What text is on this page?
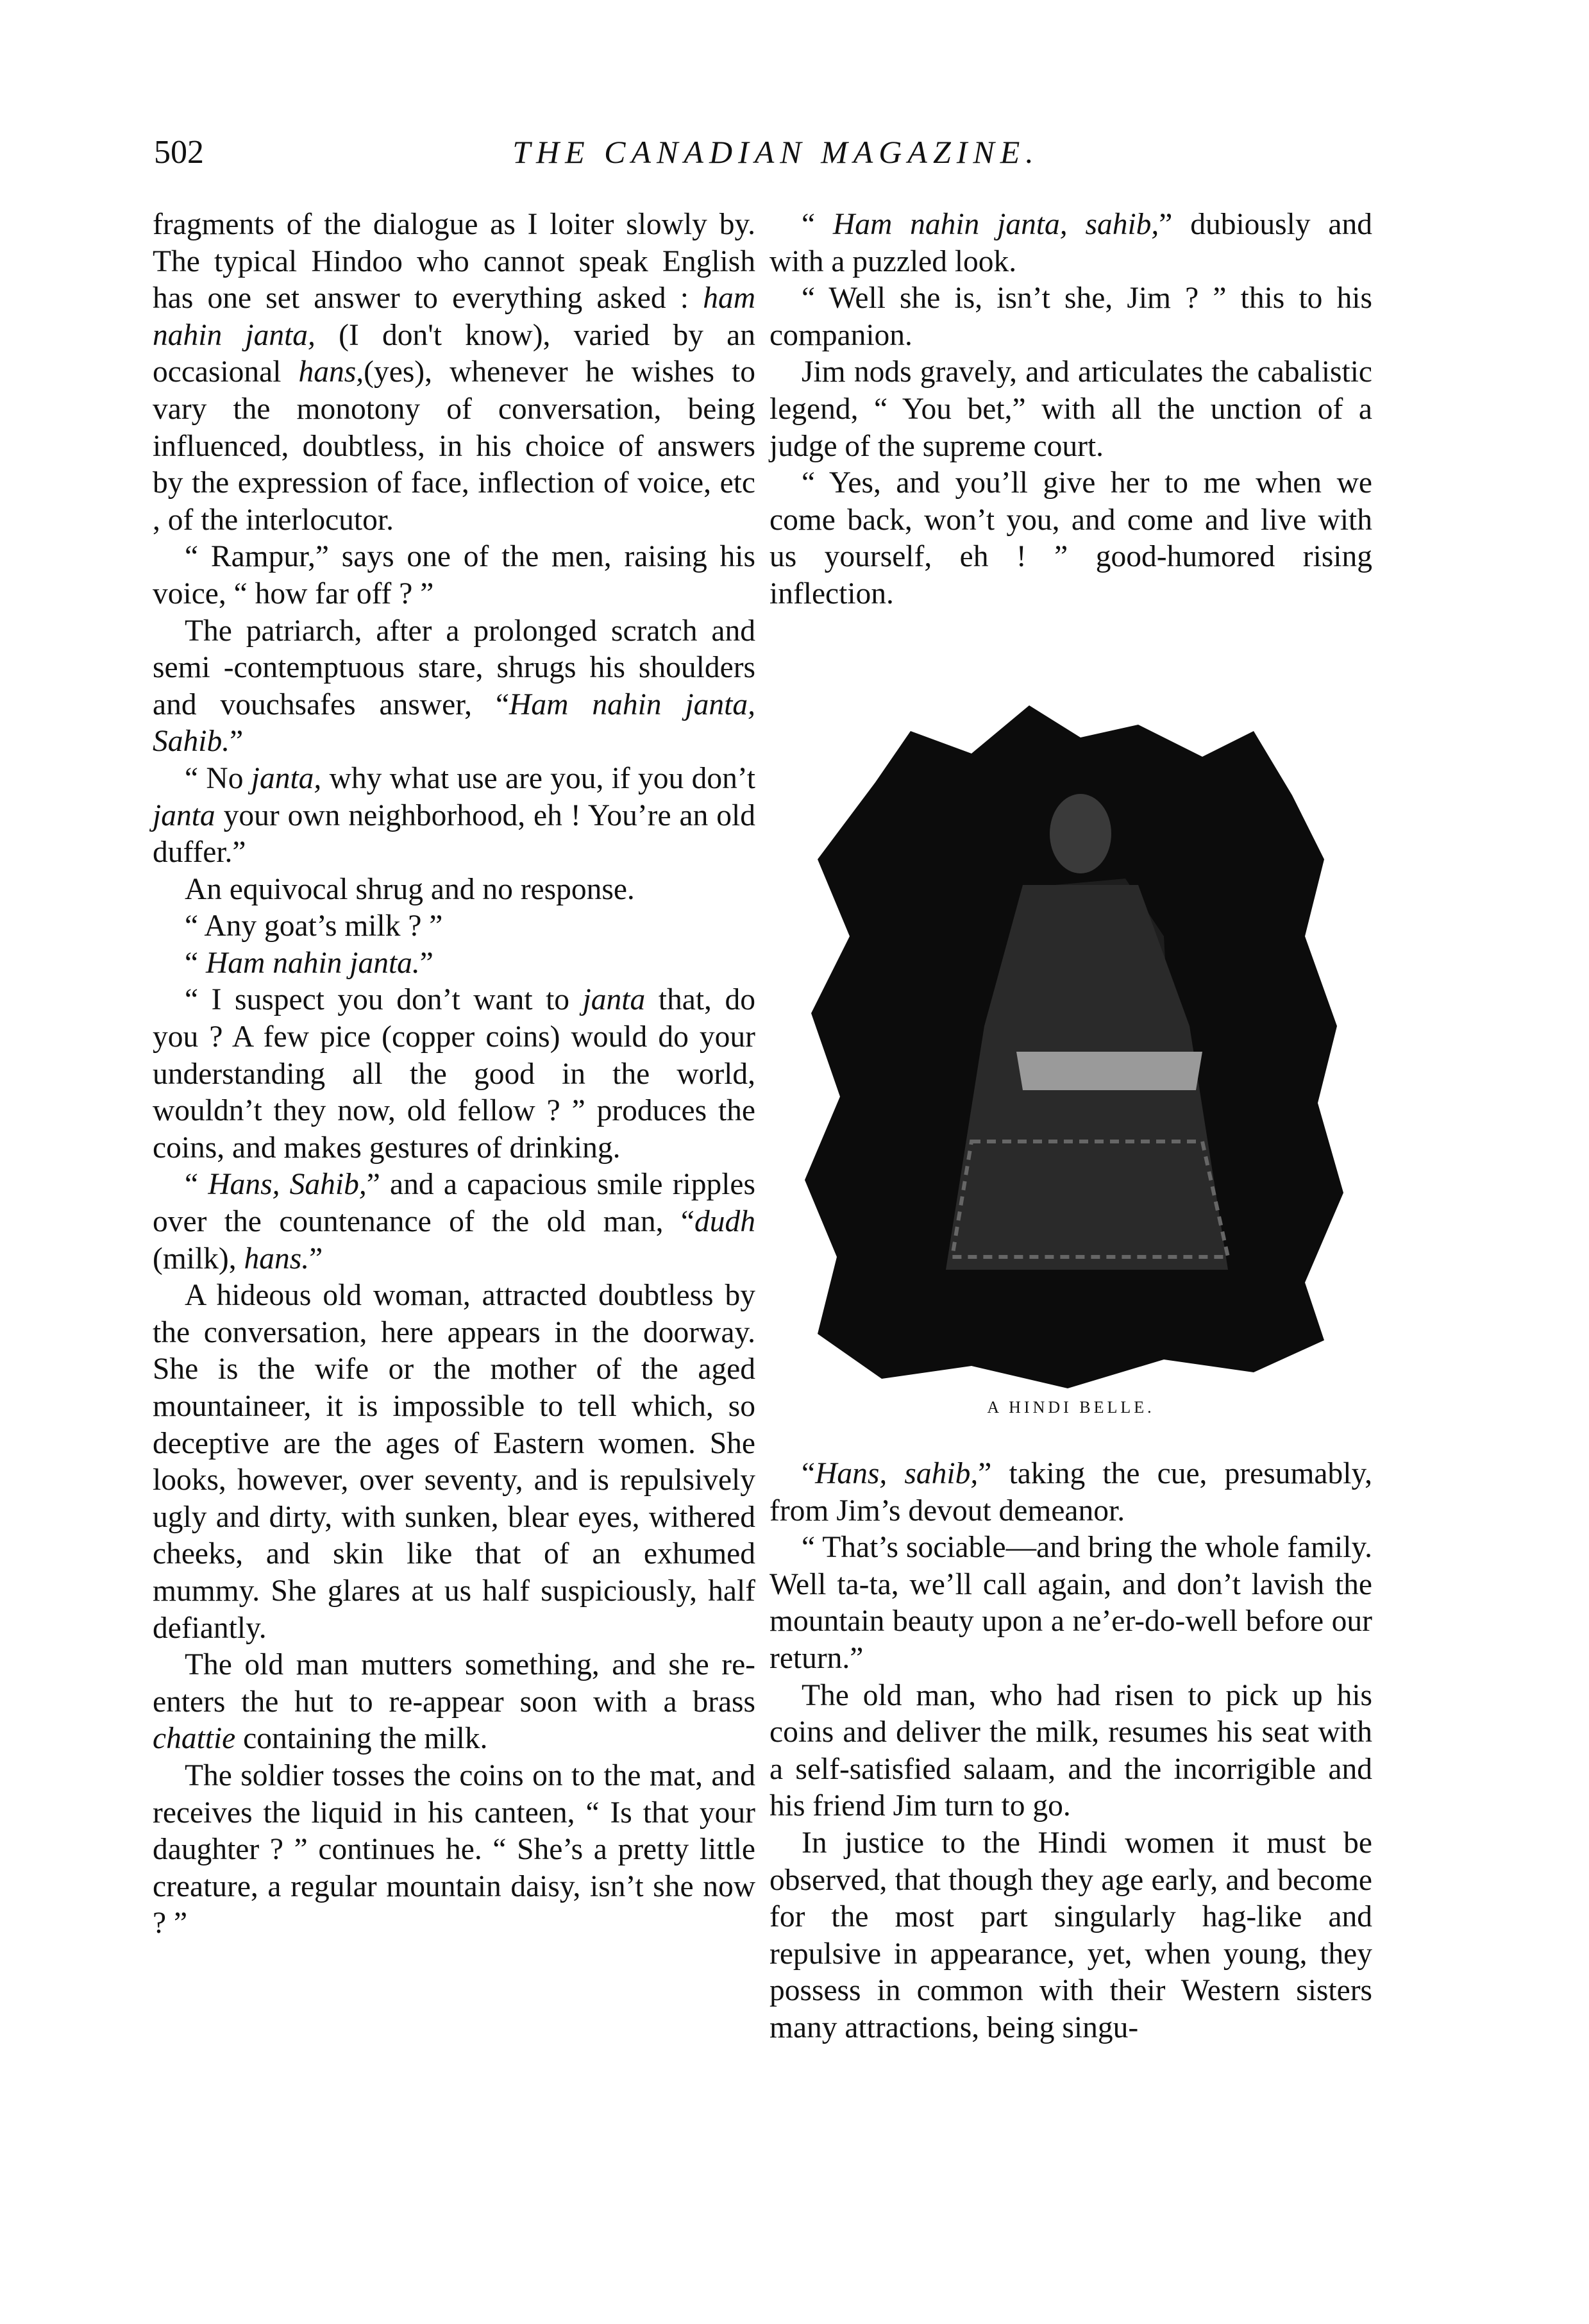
502	THE CANADIAN MAGAZINE.

fragments of the dialogue as I loiter slowly by. The typical Hindoo who cannot speak English has one set answer to everything asked : ham nahin janta, (I don't know), varied by an occasional hans,(yes), whenever he wishes to vary the monotony of conversation, being influenced, doubtless, in his choice of answers by the expression of face, inflection of voice, etc , of the interlocutor.

“ Rampur,” says one of the men, raising his voice, “ how far off ? ”

The patriarch, after a prolonged scratch and semi -contemptuous stare, shrugs his shoulders and vouchsafes answer, “Ham nahin janta, Sahib.”

“ No janta, why what use are you, if you don’t janta your own neighborhood, eh ! You’re an old duffer.”

An equivocal shrug and no response.

“ Any goat’s milk ? ”

“ Ham nahin janta.”

“ I suspect you don’t want to janta that, do you ? A few pice (copper coins) would do your understanding all the good in the world, wouldn’t they now, old fellow ? ” produces the coins, and makes gestures of drinking.

“ Hans, Sahib,” and a capacious smile ripples over the countenance of the old man, “dudh (milk), hans.”

A hideous old woman, attracted doubtless by the conversation, here appears in the doorway. She is the wife or the mother of the aged mountaineer, it is impossible to tell which, so deceptive are the ages of Eastern women. She looks, however, over seventy, and is repulsively ugly and dirty, with sunken, blear eyes, withered cheeks, and skin like that of an exhumed mummy. She glares at us half suspiciously, half defiantly.

The old man mutters something, and she re-enters the hut to re-appear soon with a brass chattie containing the milk.

The soldier tosses the coins on to the mat, and receives the liquid in his canteen, “ Is that your daughter ? ” continues he. “ She’s a pretty little creature, a regular mountain daisy, isn’t she now ? ”

“ Ham nahin janta, sahib,” dubiously and with a puzzled look.

“ Well she is, isn’t she, Jim ? ” this to his companion.

Jim nods gravely, and articulates the cabalistic legend, “ You bet,” with all the unction of a judge of the supreme court.

“ Yes, and you’ll give her to me when we come back, won’t you, and come and live with us yourself, eh ! ” good-humored rising inflection.

A HINDI BELLE.

“Hans, sahib,” taking the cue, presumably, from Jim’s devout demeanor.

“ That’s sociable—and bring the whole family. Well ta-ta, we’ll call again, and don’t lavish the mountain beauty upon a ne’er-do-well before our return.”

The old man, who had risen to pick up his coins and deliver the milk, resumes his seat with a self-satisfied salaam, and the incorrigible and his friend Jim turn to go.

In justice to the Hindi women it must be observed, that though they age early, and become for the most part singularly hag-like and repulsive in appearance, yet, when young, they possess in common with their Western sisters many attractions, being singu-
